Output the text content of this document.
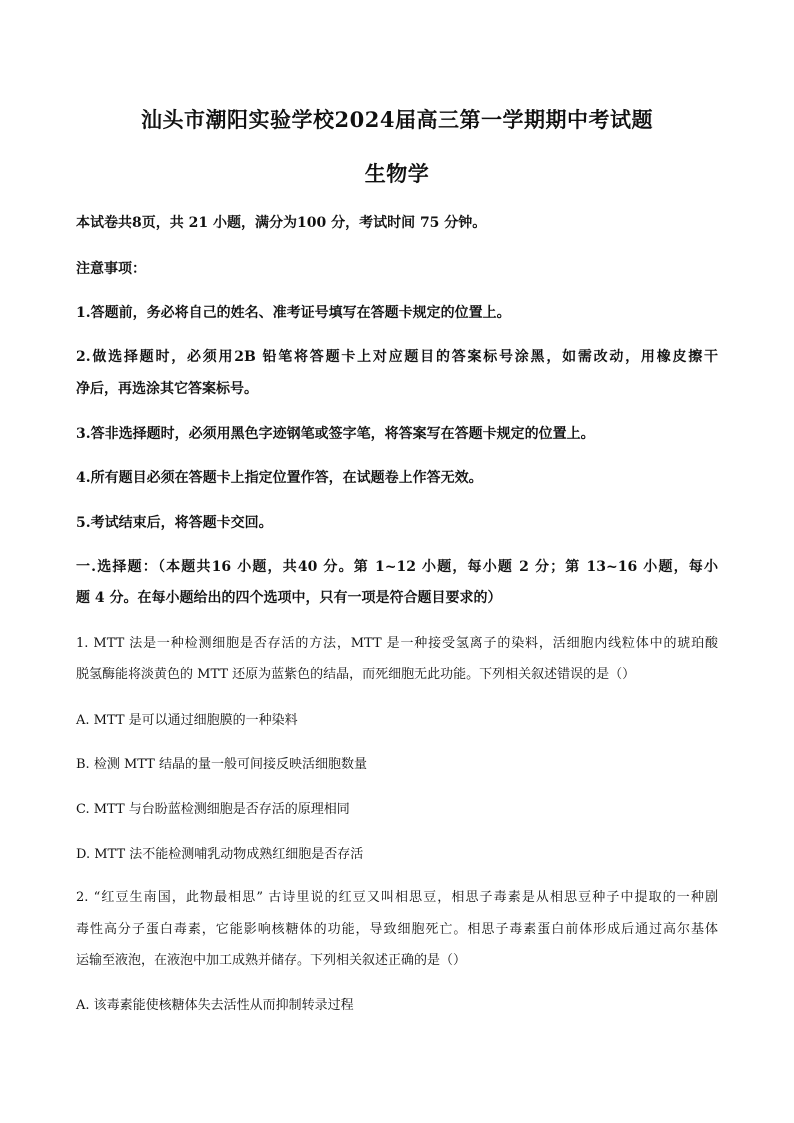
汕头市潮阳实验学校2024届高三第一学期期中考试题
生物学

本试卷共8页，共 21 小题，满分为100 分，考试时间 75 分钟。

注意事项：

1.答题前，务必将自己的姓名、准考证号填写在答题卡规定的位置上。

2.做选择题时，必须用2B 铅笔将答题卡上对应题目的答案标号涂黑，如需改动，用橡皮擦干

净后，再选涂其它答案标号。

3.答非选择题时，必须用黑色字迹钢笔或签字笔，将答案写在答题卡规定的位置上。

4.所有题目必须在答题卡上指定位置作答，在试题卷上作答无效。

5.考试结束后，将答题卡交回。

一.选择题：（本题共16 小题，共40 分。第 1~12 小题，每小题 2 分；第 13~16 小题，每小

题 4 分。在每小题给出的四个选项中，只有一项是符合题目要求的）

1. MTT 法是一种检测细胞是否存活的方法，MTT 是一种接受氢离子的染料，活细胞内线粒体中的琥珀酸

脱氢酶能将淡黄色的 MTT 还原为蓝紫色的结晶，而死细胞无此功能。下列相关叙述错误的是（）

A. MTT 是可以通过细胞膜的一种染料

B. 检测 MTT 结晶的量一般可间接反映活细胞数量

C. MTT 与台盼蓝检测细胞是否存活的原理相同

D. MTT 法不能检测哺乳动物成熟红细胞是否存活

2. “红豆生南国，此物最相思” 古诗里说的红豆又叫相思豆，相思子毒素是从相思豆种子中提取的一种剧

毒性高分子蛋白毒素，它能影响核糖体的功能，导致细胞死亡。相思子毒素蛋白前体形成后通过高尔基体

运输至液泡，在液泡中加工成熟并储存。下列相关叙述正确的是（）

A. 该毒素能使核糖体失去活性从而抑制转录过程
